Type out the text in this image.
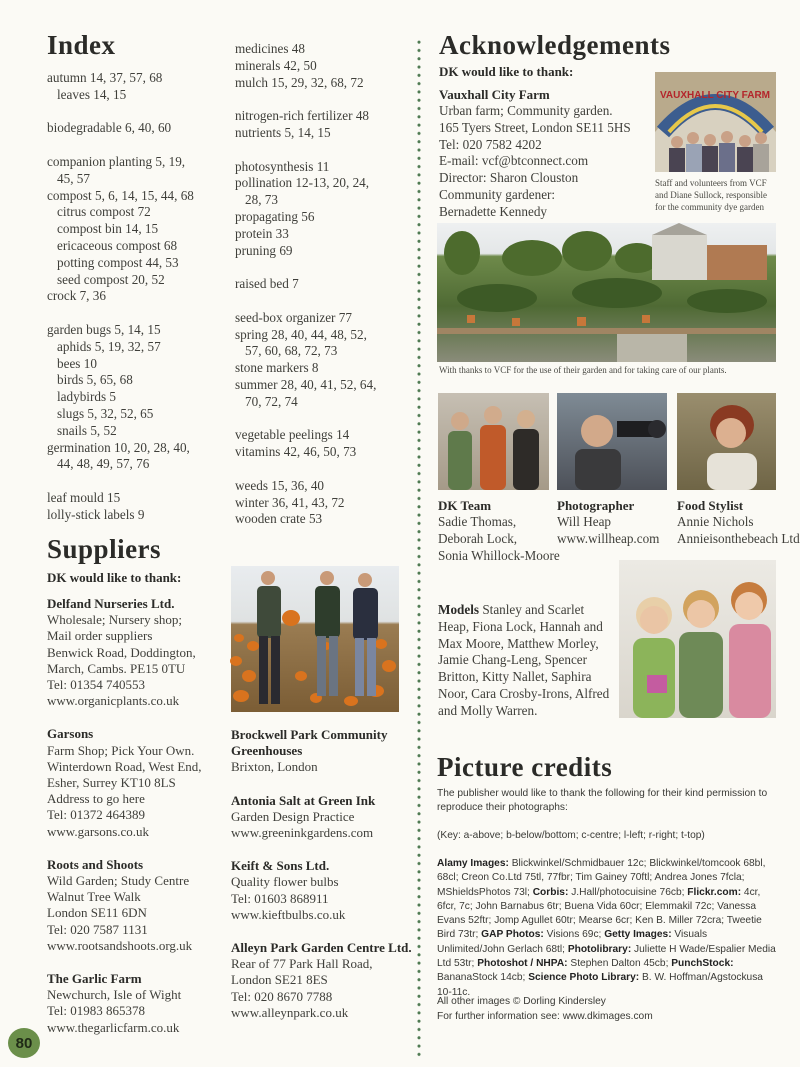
Index
autumn 14, 37, 57, 68
leaves 14, 15
biodegradable 6, 40, 60
companion planting 5, 19,
45, 57
compost 5, 6, 14, 15, 44, 68
citrus compost 72
compost bin 14, 15
ericaceous compost 68
potting compost 44, 53
seed compost 20, 52
crock 7, 36
garden bugs 5, 14, 15
aphids 5, 19, 32, 57
bees 10
birds 5, 65, 68
ladybirds 5
slugs 5, 32, 52, 65
snails 5, 52
germination 10, 20, 28, 40,
44, 48, 49, 57, 76
leaf mould 15
lolly-stick labels 9
medicines 48
minerals 42, 50
mulch 15, 29, 32, 68, 72
nitrogen-rich fertilizer 48
nutrients 5, 14, 15
photosynthesis 11
pollination 12-13, 20, 24,
28, 73
propagating 56
protein 33
pruning 69
raised bed 7
seed-box organizer 77
spring 28, 40, 44, 48, 52,
57, 60, 68, 72, 73
stone markers 8
summer 28, 40, 41, 52, 64,
70, 72, 74
vegetable peelings 14
vitamins 42, 46, 50, 73
weeds 15, 36, 40
winter 36, 41, 43, 72
wooden crate 53
Suppliers
DK would like to thank:
Delfand Nurseries Ltd.
Wholesale; Nursery shop;
Mail order suppliers
Benwick Road, Doddington,
March, Cambs. PE15 0TU
Tel: 01354 740553
www.organicplants.co.uk
Garsons
Farm Shop; Pick Your Own.
Winterdown Road, West End,
Esher, Surrey KT10 8LS
Address to go here
Tel: 01372 464389
www.garsons.co.uk
Roots and Shoots
Wild Garden; Study Centre
Walnut Tree Walk
London SE11 6DN
Tel: 020 7587 1131
www.rootsandshoots.org.uk
The Garlic Farm
Newchurch, Isle of Wight
Tel: 01983 865378
www.thegarlicfarm.co.uk
Brockwell Park Community Greenhouses
Brixton, London
Antonia Salt at Green Ink
Garden Design Practice
www.greeninkgardens.com
Keift & Sons Ltd.
Quality flower bulbs
Tel: 01603 868911
www.kieftbulbs.co.uk
Alleyn Park Garden Centre Ltd.
Rear of 77 Park Hall Road,
London SE21 8ES
Tel: 020 8670 7788
www.alleynpark.co.uk
Acknowledgements
DK would like to thank:
Vauxhall City Farm
Urban farm; Community garden.
165 Tyers Street, London SE11 5HS
Tel: 020 7582 4202
E-mail: vcf@btconnect.com
Director: Sharon Clouston
Community gardener:
Bernadette Kennedy
VAUXHALL CITY FARM
Staff and volunteers from VCF and Diane Sullock, responsible for the community dye garden
With thanks to VCF for the use of their garden and for taking care of our plants.
DK Team
Sadie Thomas,
Deborah Lock,
Sonia Whillock-Moore
Photographer
Will Heap
www.willheap.com
Food Stylist
Annie Nichols
Annieisonthebeach Ltd
Models Stanley and Scarlet Heap, Fiona Lock, Hannah and Max Moore, Matthew Morley, Jamie Chang-Leng, Spencer Britton, Kitty Nallet, Saphira Noor, Cara Crosby-Irons, Alfred and Molly Warren.
Picture credits
The publisher would like to thank the following for their kind permission to reproduce their photographs:
(Key: a-above; b-below/bottom; c-centre; l-left; r-right; t-top)
Alamy Images: Blickwinkel/Schmidbauer 12c; Blickwinkel/tomcook 68bl, 68cl; Creon Co.Ltd 75tl, 77fbr; Tim Gainey 70ftl; Andrea Jones 7fcla; MShieldsPhotos 73l; Corbis: J.Hall/photocuisine 76cb; Flickr.com: 4cr, 6fcr, 7c; John Barnabus 6tr; Buena Vida 60cr; Elemmakil 72c; Vanessa Evans 52ftr; Jomp Agullet 60tr; Mearse 6cr; Ken B. Miller 72cra; Tweetie Bird 73tr; GAP Photos: Visions 69c; Getty Images: Visuals Unlimited/John Gerlach 68tl; Photolibrary: Juliette H Wade/Espalier Media Ltd 53tr; Photoshot / NHPA: Stephen Dalton 45cb; PunchStock: BananaStock 14cb; Science Photo Library: B. W. Hoffman/Agstockusa 10-11c.
All other images © Dorling Kindersley
For further information see: www.dkimages.com
80
